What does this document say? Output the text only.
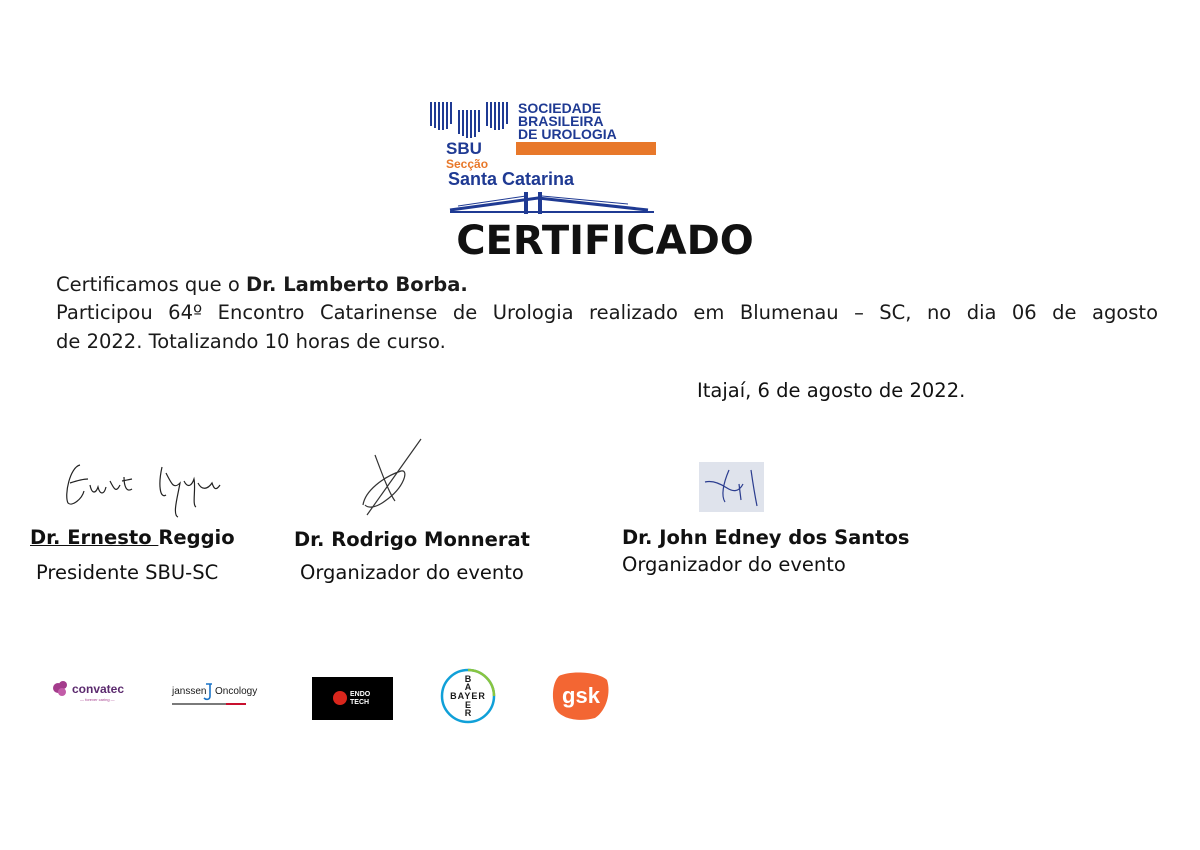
SOCIEDADE
BRASILEIRA
DE UROLOGIA
SBU
Secção
Santa Catarina
CERTIFICADO
Certificamos que o Dr. Lamberto Borba.
Participou 64º Encontro Catarinense de Urologia realizado em Blumenau – SC, no dia 06 de agosto
de 2022. Totalizando 10 horas de curso.
Itajaí, 6 de agosto de 2022.
Dr. Ernesto Reggio
Presidente SBU-SC
Dr. Rodrigo Monnerat
Organizador do evento
Dr. John Edney dos Santos
Organizador do evento
convatec
— forever caring —
janssen Oncology	ENDO
TECH
BAYER
B
A
E
R
gsk
